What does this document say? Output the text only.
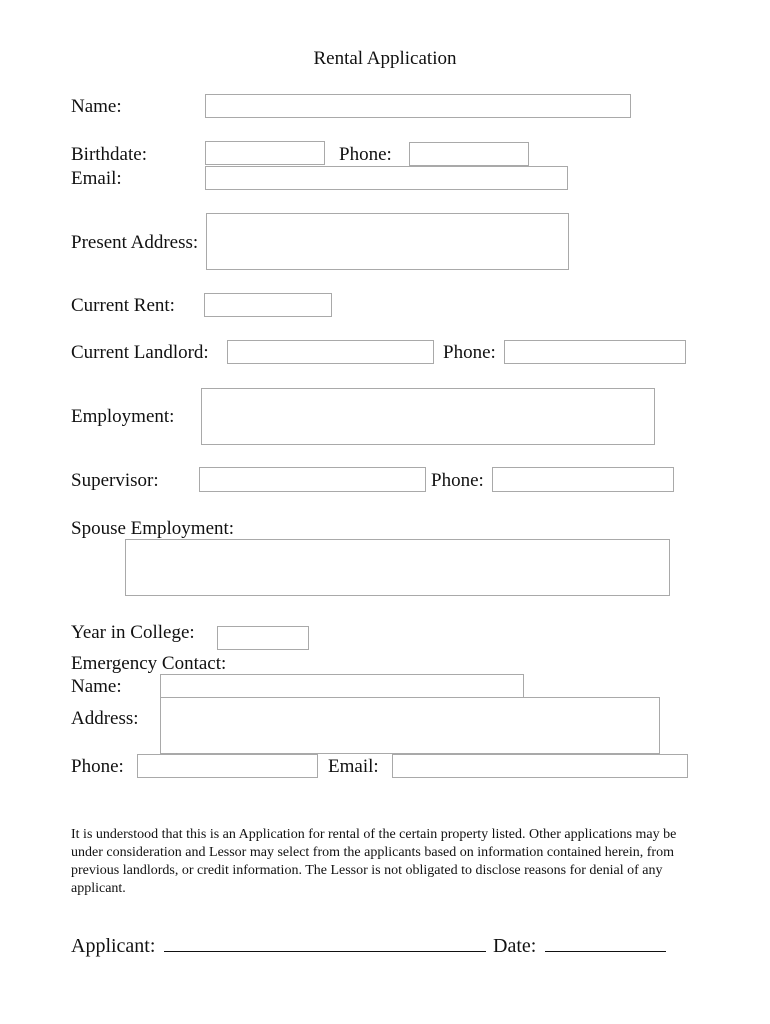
Rental Application
Name:
Birthdate:	Phone:
Email:
Present Address:
Current Rent:
Current Landlord:	Phone:
Employment:
Supervisor:	Phone:
Spouse Employment:
Year in College:
Emergency Contact:
Name:
Address:
Phone:	Email:
It is understood that this is an Application for rental of the certain property listed. Other applications may be under consideration and Lessor may select from the applicants based on information contained herein, from previous landlords, or credit information. The Lessor is not obligated to disclose reasons for denial of any applicant.
Applicant:	Date:
